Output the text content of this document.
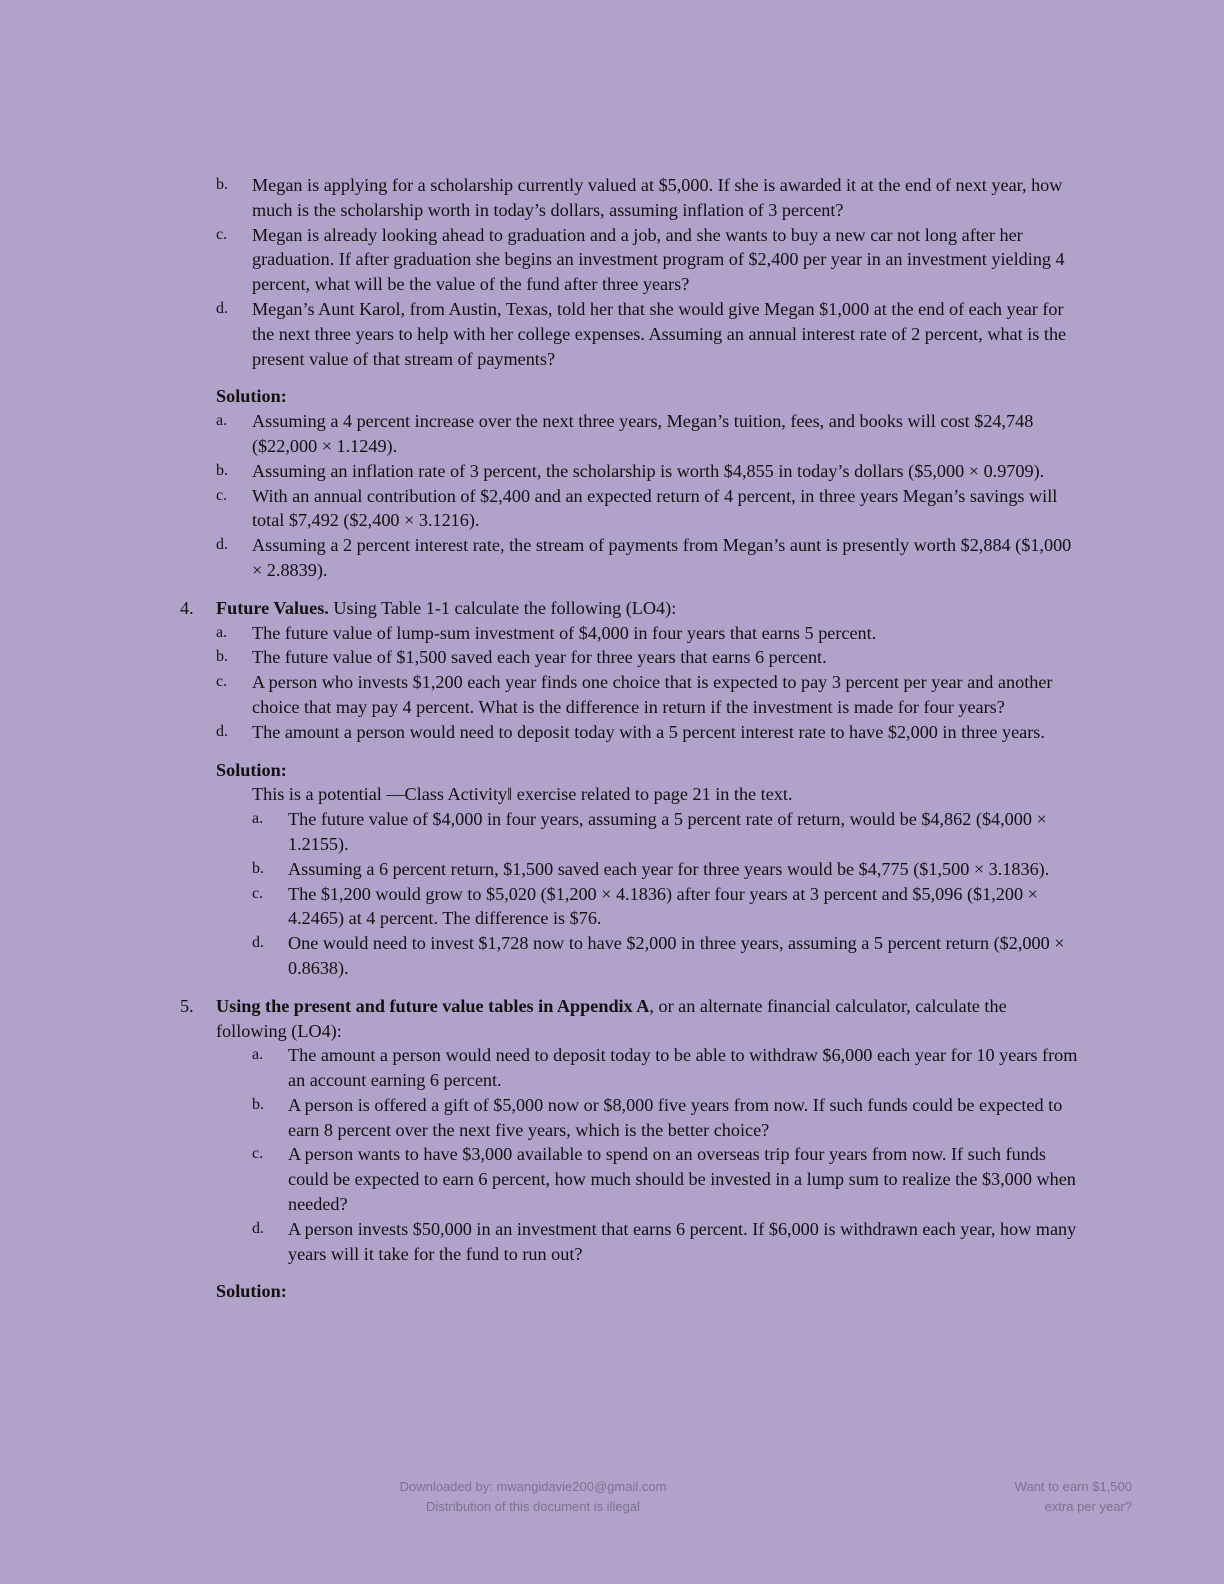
b. Megan is applying for a scholarship currently valued at $5,000. If she is awarded it at the end of next year, how much is the scholarship worth in today’s dollars, assuming inflation of 3 percent?
c. Megan is already looking ahead to graduation and a job, and she wants to buy a new car not long after her graduation. If after graduation she begins an investment program of $2,400 per year in an investment yielding 4 percent, what will be the value of the fund after three years?
d. Megan’s Aunt Karol, from Austin, Texas, told her that she would give Megan $1,000 at the end of each year for the next three years to help with her college expenses. Assuming an annual interest rate of 2 percent, what is the present value of that stream of payments?
Solution:
a. Assuming a 4 percent increase over the next three years, Megan’s tuition, fees, and books will cost $24,748 ($22,000 × 1.1249).
b. Assuming an inflation rate of 3 percent, the scholarship is worth $4,855 in today’s dollars ($5,000 × 0.9709).
c. With an annual contribution of $2,400 and an expected return of 4 percent, in three years Megan’s savings will total $7,492 ($2,400 × 3.1216).
d. Assuming a 2 percent interest rate, the stream of payments from Megan’s aunt is presently worth $2,884 ($1,000 × 2.8839).
4. Future Values. Using Table 1-1 calculate the following (LO4):
a. The future value of lump-sum investment of $4,000 in four years that earns 5 percent.
b. The future value of $1,500 saved each year for three years that earns 6 percent.
c. A person who invests $1,200 each year finds one choice that is expected to pay 3 percent per year and another choice that may pay 4 percent. What is the difference in return if the investment is made for four years?
d. The amount a person would need to deposit today with a 5 percent interest rate to have $2,000 in three years.
Solution:
This is a potential ―Class Activity‖ exercise related to page 21 in the text.
a. The future value of $4,000 in four years, assuming a 5 percent rate of return, would be $4,862 ($4,000 × 1.2155).
b. Assuming a 6 percent return, $1,500 saved each year for three years would be $4,775 ($1,500 × 3.1836).
c. The $1,200 would grow to $5,020 ($1,200 × 4.1836) after four years at 3 percent and $5,096 ($1,200 × 4.2465) at 4 percent. The difference is $76.
d. One would need to invest $1,728 now to have $2,000 in three years, assuming a 5 percent return ($2,000 × 0.8638).
5. Using the present and future value tables in Appendix A, or an alternate financial calculator, calculate the following (LO4):
a. The amount a person would need to deposit today to be able to withdraw $6,000 each year for 10 years from an account earning 6 percent.
b. A person is offered a gift of $5,000 now or $8,000 five years from now. If such funds could be expected to earn 8 percent over the next five years, which is the better choice?
c. A person wants to have $3,000 available to spend on an overseas trip four years from now. If such funds could be expected to earn 6 percent, how much should be invested in a lump sum to realize the $3,000 when needed?
d. A person invests $50,000 in an investment that earns 6 percent. If $6,000 is withdrawn each year, how many years will it take for the fund to run out?
Solution:
Downloaded by: mwangidavie200@gmail.com
Distribution of this document is illegal
Want to earn $1,500
extra per year?
